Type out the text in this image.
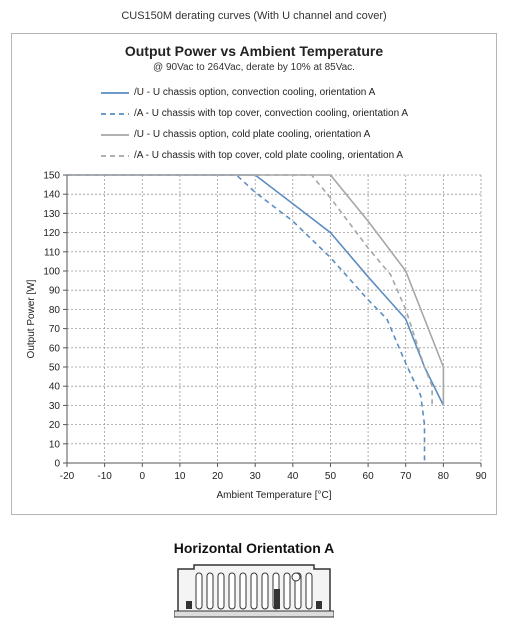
CUS150M derating curves (With U channel and cover)
Output Power vs Ambient Temperature
@ 90Vac to 264Vac, derate by 10% at 85Vac.
/U - U chassis option, convection cooling, orientation A
/A - U chassis with top cover, convection cooling, orientation A
/U - U chassis option, cold plate cooling, orientation A
/A - U chassis with top cover, cold plate cooling, orientation A
0
10
20
30
40
50
60
70
80
90
100
110
120
130
140
150
-20 -10	0	10	20	30	40	50	60	70	80	90
Ambient Temperature [°C]
Output Power [W]
Horizontal Orientation A
